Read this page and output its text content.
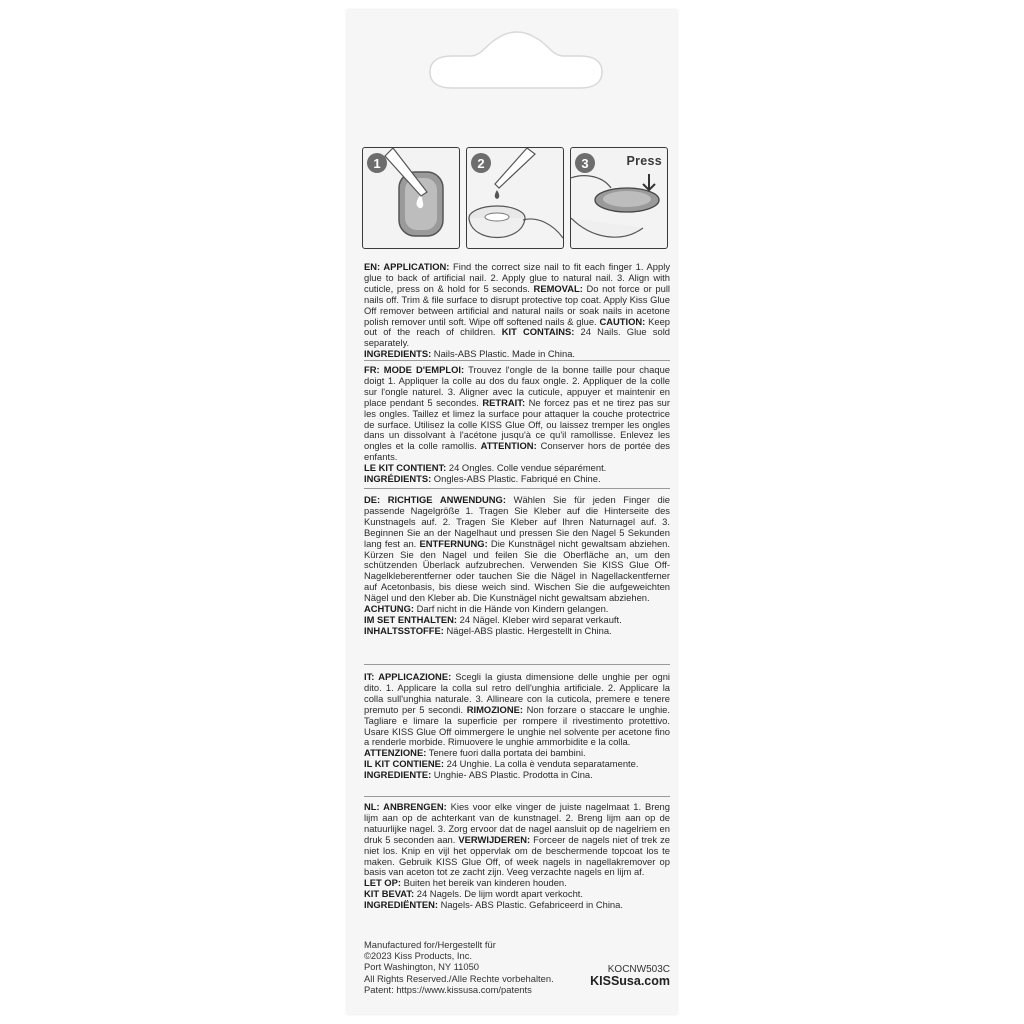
1	2	3	Press
EN: APPLICATION: Find the correct size nail to fit each finger 1. Apply glue to back of artificial nail. 2. Apply glue to natural nail. 3. Align with cuticle, press on & hold for 5 seconds. REMOVAL: Do not force or pull nails off. Trim & file surface to disrupt protective top coat. Apply Kiss Glue Off remover between artificial and natural nails or soak nails in acetone polish remover until soft. Wipe off softened nails & glue. CAUTION: Keep out of the reach of children. KIT CONTAINS: 24 Nails. Glue sold separately.
INGREDIENTS: Nails-ABS Plastic. Made in China.
FR: MODE D'EMPLOI: Trouvez l'ongle de la bonne taille pour chaque doigt 1. Appliquer la colle au dos du faux ongle. 2. Appliquer de la colle sur l'ongle naturel. 3. Aligner avec la cuticule, appuyer et maintenir en place pendant 5 secondes. RETRAIT: Ne forcez pas et ne tirez pas sur les ongles. Taillez et limez la surface pour attaquer la couche protectrice de surface. Utilisez la colle KISS Glue Off, ou laissez tremper les ongles dans un dissolvant à l'acétone jusqu'à ce qu'il ramollisse. Enlevez les ongles et la colle ramollis. ATTENTION: Conserver hors de portée des enfants.
LE KIT CONTIENT: 24 Ongles. Colle vendue séparément.
INGRÉDIENTS: Ongles-ABS Plastic. Fabriqué en Chine.
DE: RICHTIGE ANWENDUNG: Wählen Sie für jeden Finger die passende Nagelgröße 1. Tragen Sie Kleber auf die Hinterseite des Kunstnagels auf. 2. Tragen Sie Kleber auf Ihren Naturnagel auf. 3. Beginnen Sie an der Nagelhaut und pressen Sie den Nagel 5 Sekunden lang fest an. ENTFERNUNG: Die Kunstnägel nicht gewaltsam abziehen. Kürzen Sie den Nagel und feilen Sie die Oberfläche an, um den schützenden Überlack aufzubrechen. Verwenden Sie KISS Glue Off-Nagelkleberentferner oder tauchen Sie die Nägel in Nagellackentferner auf Acetonbasis, bis diese weich sind. Wischen Sie die aufgeweichten Nägel und den Kleber ab. Die Kunstnägel nicht gewaltsam abziehen.
ACHTUNG: Darf nicht in die Hände von Kindern gelangen.
IM SET ENTHALTEN: 24 Nägel. Kleber wird separat verkauft.
INHALTSSTOFFE: Nägel-ABS plastic. Hergestellt in China.
IT: APPLICAZIONE: Scegli la giusta dimensione delle unghie per ogni dito. 1. Applicare la colla sul retro dell'unghia artificiale. 2. Applicare la colla sull'unghia naturale. 3. Allineare con la cuticola, premere e tenere premuto per 5 secondi. RIMOZIONE: Non forzare o staccare le unghie. Tagliare e limare la superficie per rompere il rivestimento protettivo. Usare KISS Glue Off oimmergere le unghie nel solvente per acetone fino a renderle morbide. Rimuovere le unghie ammorbidite e la colla.
ATTENZIONE: Tenere fuori dalla portata dei bambini.
IL KIT CONTIENE: 24 Unghie. La colla è venduta separatamente.
INGREDIENTE: Unghie- ABS Plastic. Prodotta in Cina.
NL: ANBRENGEN: Kies voor elke vinger de juiste nagelmaat 1. Breng lijm aan op de achterkant van de kunstnagel. 2. Breng lijm aan op de natuurlijke nagel. 3. Zorg ervoor dat de nagel aansluit op de nagelriem en druk 5 seconden aan. VERWIJDEREN: Forceer de nagels niet of trek ze niet los. Knip en vijl het oppervlak om de beschermende topcoat los te maken. Gebruik KISS Glue Off, of week nagels in nagellakremover op basis van aceton tot ze zacht zijn. Veeg verzachte nagels en lijm af.
LET OP: Buiten het bereik van kinderen houden.
KIT BEVAT: 24 Nagels. De lijm wordt apart verkocht.
INGREDIËNTEN: Nagels- ABS Plastic. Gefabriceerd in China.
Manufactured for/Hergestellt für
©2023 Kiss Products, Inc.
Port Washington, NY 11050
All Rights Reserved./Alle Rechte vorbehalten.
Patent: https://www.kissusa.com/patents
KOCNW503C
KISSusa.com
